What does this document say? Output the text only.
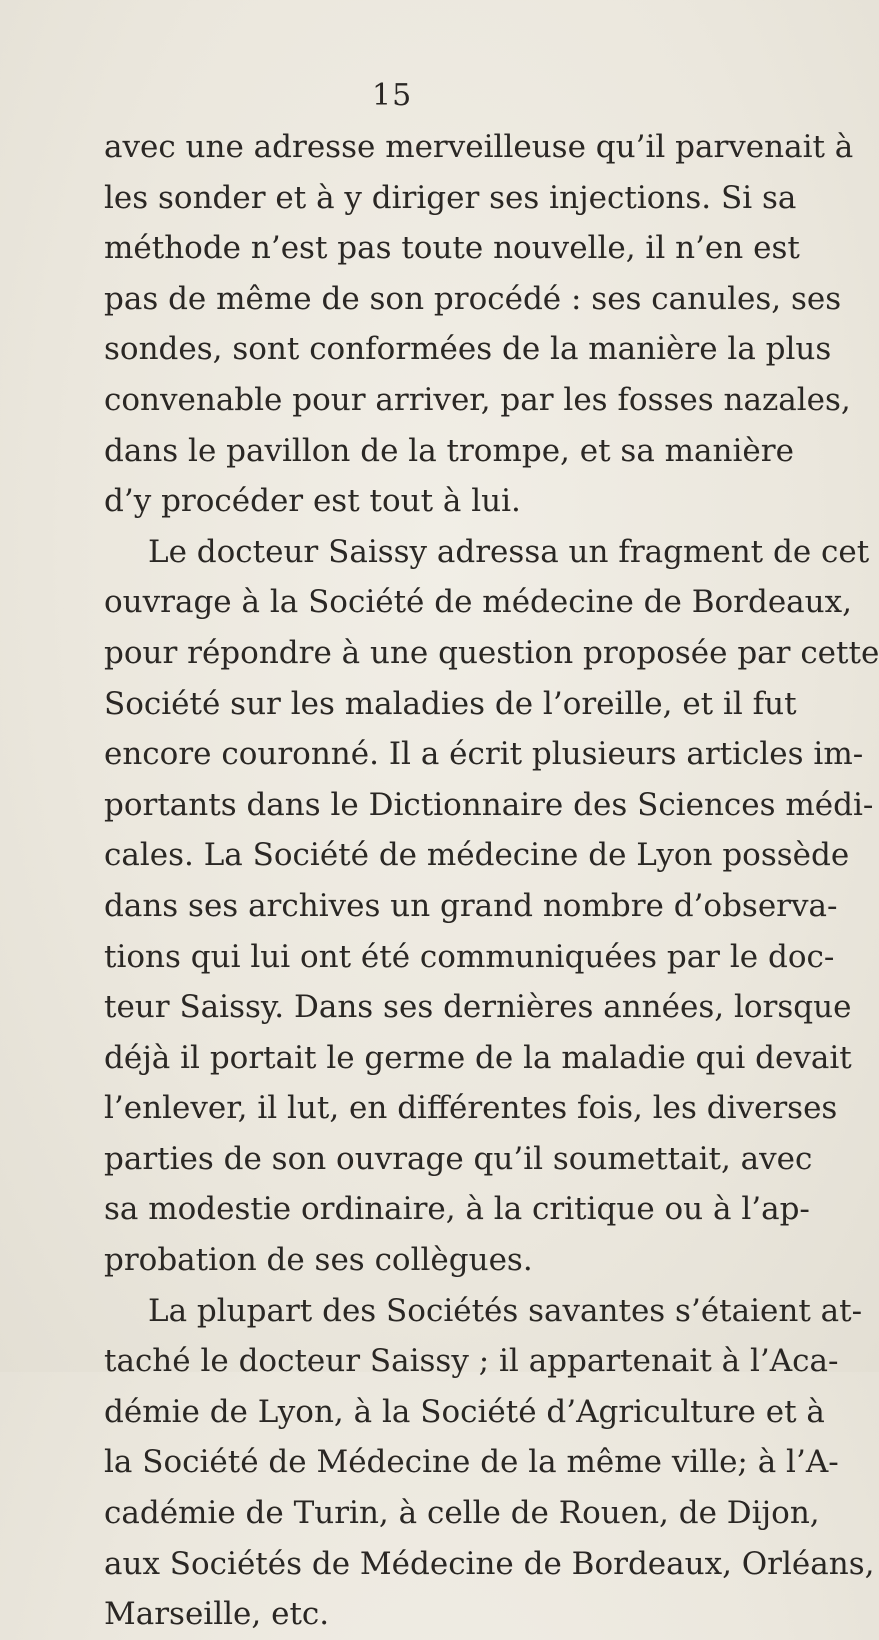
15
avec une adresse merveilleuse qu’il parvenait à
les sonder et à y diriger ses injections. Si sa
méthode n’est pas toute nouvelle, il n’en est
pas de même de son procédé : ses canules, ses
sondes, sont conformées de la manière la plus
convenable pour arriver, par les fosses nazales,
dans le pavillon de la trompe, et sa manière
d’y procéder est tout à lui.
Le docteur Saissy adressa un fragment de cet
ouvrage à la Société de médecine de Bordeaux,
pour répondre à une question proposée par cette
Société sur les maladies de l’oreille, et il fut
encore couronné. Il a écrit plusieurs articles im-
portants dans le Dictionnaire des Sciences médi-
cales. La Société de médecine de Lyon possède
dans ses archives un grand nombre d’observa-
tions qui lui ont été communiquées par le doc-
teur Saissy. Dans ses dernières années, lorsque
déjà il portait le germe de la maladie qui devait
l’enlever, il lut, en différentes fois, les diverses
parties de son ouvrage qu’il soumettait, avec
sa modestie ordinaire, à la critique ou à l’ap-
probation de ses collègues.
La plupart des Sociétés savantes s’étaient at-
taché le docteur Saissy ; il appartenait à l’Aca-
démie de Lyon, à la Société d’Agriculture et à
la Société de Médecine de la même ville; à l’A-
cadémie de Turin, à celle de Rouen, de Dijon,
aux Sociétés de Médecine de Bordeaux, Orléans,
Marseille, etc.
